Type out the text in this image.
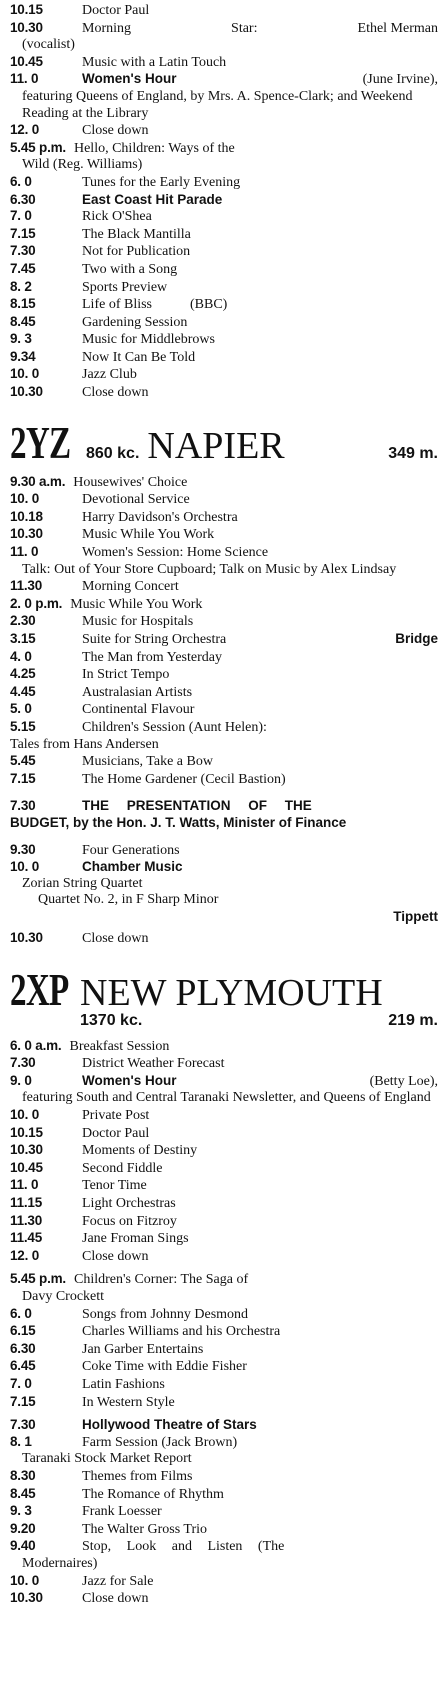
10.15	Doctor Paul
10.30	Morning	Star:	Ethel Merman
(vocalist)
10.45	Music with a Latin Touch
11. 0	Women's Hour	(June Irvine),
featuring Queens of England, by Mrs. A. Spence-Clark; and Weekend Reading at the Library
12. 0	Close down
5.45 p.m. Hello, Children: Ways of the
Wild (Reg. Williams)
6. 0	Tunes for the Early Evening
6.30	East Coast Hit Parade
7. 0	Rick O'Shea
7.15	The Black Mantilla
7.30	Not for Publication
7.45	Two with a Song
8. 2	Sports Preview
8.15	Life of Bliss	(BBC)
8.45	Gardening Session
9. 3	Music for Middlebrows
9.34	Now It Can Be Told
10. 0	Jazz Club
10.30	Close down
2YZ 860 kc. NAPIER	349 m.
9.30 a.m. Housewives' Choice
10. 0	Devotional Service
10.18	Harry Davidson's Orchestra
10.30	Music While You Work
11. 0	Women's Session: Home Science
Talk: Out of Your Store Cupboard; Talk on Music by Alex Lindsay
11.30	Morning Concert
2. 0 p.m. Music While You Work
2.30	Music for Hospitals
3.15	Suite for String Orchestra	Bridge
4. 0	The Man from Yesterday
4.25	In Strict Tempo
4.45	Australasian Artists
5. 0	Continental Flavour
5.15	Children's Session (Aunt Helen):
Tales from Hans Andersen
5.45	Musicians, Take a Bow
7.15	The Home Gardener (Cecil Bastion)
7.30	THE PRESENTATION OF THE
BUDGET, by the Hon. J. T. Watts, Minister of Finance
9.30	Four Generations
10. 0	Chamber Music
Zorian String Quartet
Quartet No. 2, in F Sharp Minor
Tippett
10.30	Close down
2XP NEW PLYMOUTH
1370 kc.	219 m.
6. 0 a.m. Breakfast Session
7.30	District Weather Forecast
9. 0	Women's Hour	(Betty Loe),
featuring South and Central Taranaki Newsletter, and Queens of England
10. 0	Private Post
10.15	Doctor Paul
10.30	Moments of Destiny
10.45	Second Fiddle
11. 0	Tenor Time
11.15	Light Orchestras
11.30	Focus on Fitzroy
11.45	Jane Froman Sings
12. 0	Close down
5.45 p.m. Children's Corner: The Saga of
Davy Crockett
6. 0	Songs from Johnny Desmond
6.15	Charles Williams and his Orchestra
6.30	Jan Garber Entertains
6.45	Coke Time with Eddie Fisher
7. 0	Latin Fashions
7.15	In Western Style
7.30	Hollywood Theatre of Stars
8. 1	Farm Session (Jack Brown)
Taranaki Stock Market Report
8.30	Themes from Films
8.45	The Romance of Rhythm
9. 3	Frank Loesser
9.20	The Walter Gross Trio
9.40	Stop, Look and Listen (The
Modernaires)
10. 0	Jazz for Sale
10.30	Close down
